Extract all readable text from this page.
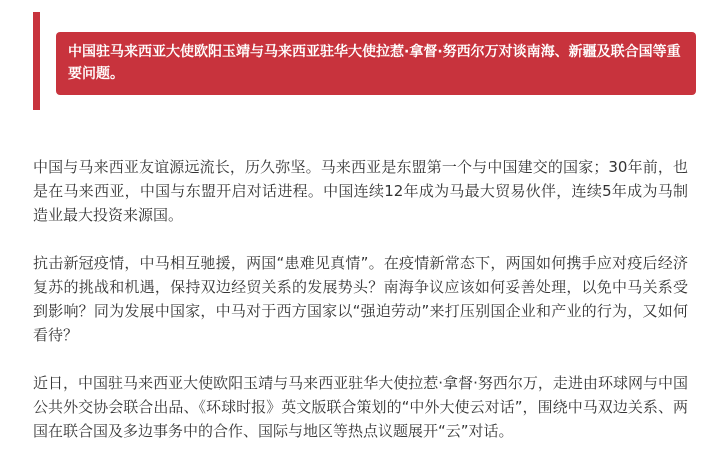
中国驻马来西亚大使欧阳玉靖与马来西亚驻华大使拉惹·拿督·努西尔万对谈南海、新疆及联合国等重要问题。

中国与马来西亚友谊源远流长，历久弥坚。马来西亚是东盟第一个与中国建交的国家；30年前，也是在马来西亚，中国与东盟开启对话进程。中国连续12年成为马最大贸易伙伴，连续5年成为马制造业最大投资来源国。

抗击新冠疫情，中马相互驰援，两国“患难见真情”。在疫情新常态下，两国如何携手应对疫后经济复苏的挑战和机遇，保持双边经贸关系的发展势头？南海争议应该如何妥善处理，以免中马关系受到影响？同为发展中国家，中马对于西方国家以“强迫劳动”来打压别国企业和产业的行为，又如何看待？

近日，中国驻马来西亚大使欧阳玉靖与马来西亚驻华大使拉惹·拿督·努西尔万，走进由环球网与中国公共外交协会联合出品、《环球时报》英文版联合策划的“中外大使云对话”，围绕中马双边关系、两国在联合国及多边事务中的合作、国际与地区等热点议题展开“云”对话。
